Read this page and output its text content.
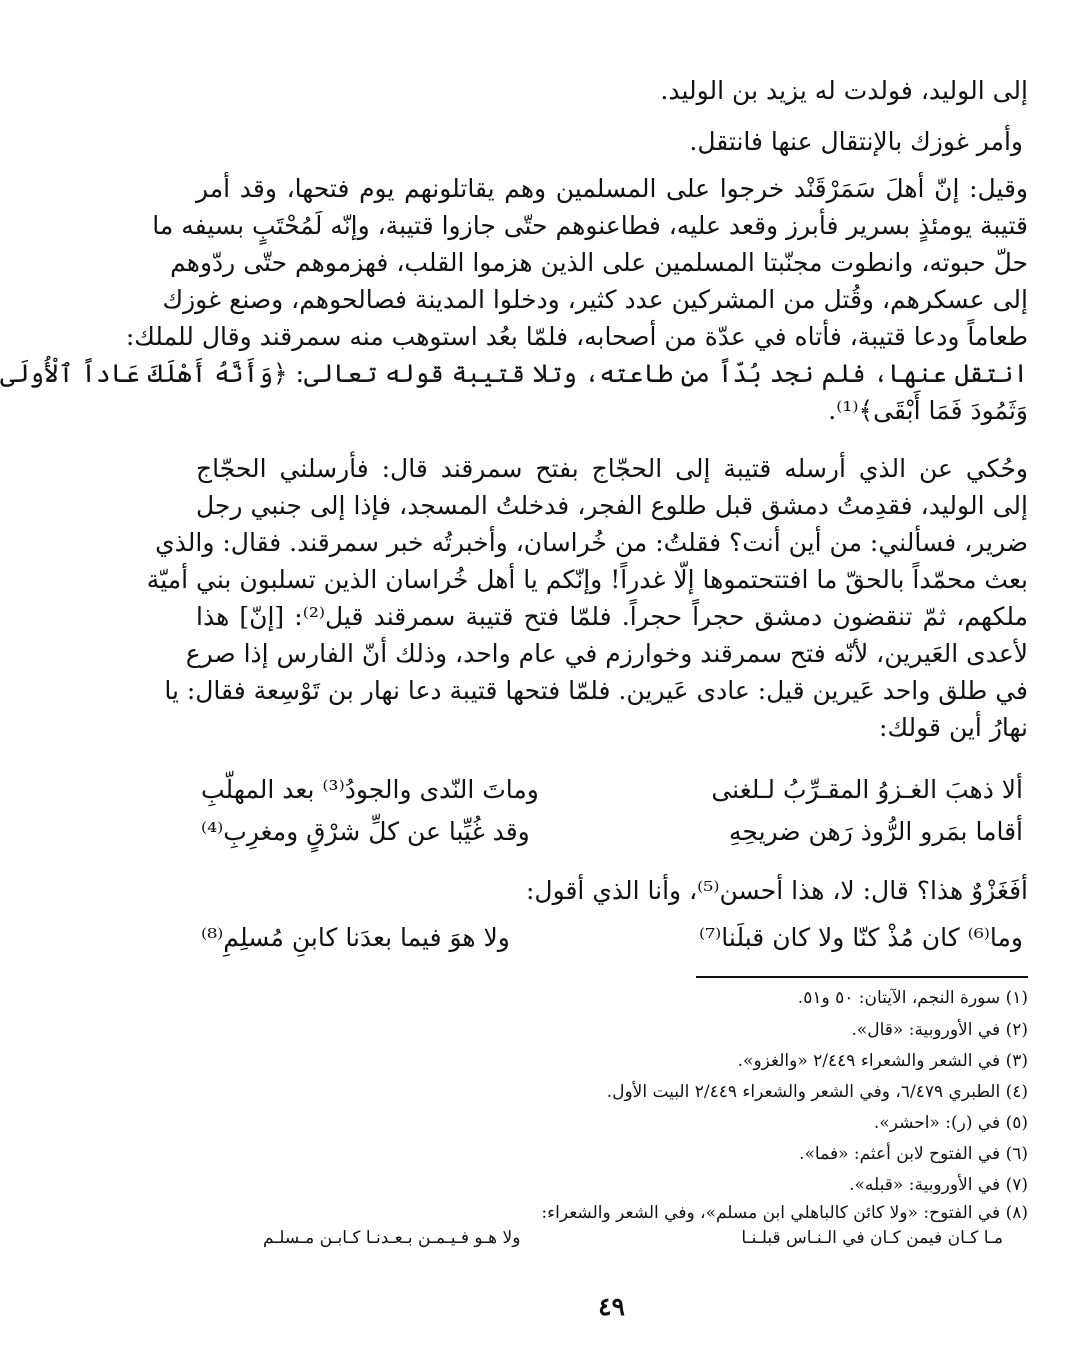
إلى الوليد، فولدت له يزيد بن الوليد.
وأمر غوزك بالإنتقال عنها فانتقل.
وقيل: إنّ أهلَ سَمَرْقَنْد خرجوا على المسلمين وهم يقاتلونهم يوم فتحها، وقد أمر
قتيبة يومئذٍ بسرير فأبرز وقعد عليه، فطاعنوهم حتّى جازوا قتيبة، وإنّه لَمُحْتَبٍ بسيفه ما
حلّ حبوته، وانطوت مجنّبتا المسلمين على الذين هزموا القلب، فهزموهم حتّى ردّوهم
إلى عسكرهم، وقُتل من المشركين عدد كثير، ودخلوا المدينة فصالحوهم، وصنع غوزك
طعاماً ودعا قتيبة، فأتاه في عدّة من أصحابه، فلمّا بعُد استوهب منه سمرقند وقال للملك:
انتقل عنها، فلم نجد بُدّاً من طاعته، وتلا قتيبة قوله تعالى: ﴿وَأَنَّهُ أَهْلَكَ عَاداً ٱلْأُولَى
وَثَمُودَ فَمَا أَبْقَى﴾⁽¹⁾.
وحُكي عن الذي أرسله قتيبة إلى الحجّاج بفتح سمرقند قال: فأرسلني الحجّاج
إلى الوليد، فقدِمتُ دمشق قبل طلوع الفجر، فدخلتُ المسجد، فإذا إلى جنبي رجل
ضرير، فسألني: من أين أنت؟ فقلتُ: من خُراسان، وأخبرتُه خبر سمرقند. فقال: والذي
بعث محمّداً بالحقّ ما افتتحتموها إلّا غدراً! وإنّكم يا أهل خُراسان الذين تسلبون بني أميّة
ملكهم، ثمّ تنقضون دمشق حجراً حجراً. فلمّا فتح قتيبة سمرقند قيل⁽²⁾: [إنّ] هذا
لأعدى العَيرين، لأنّه فتح سمرقند وخوارزم في عام واحد، وذلك أنّ الفارس إذا صرع
في طلق واحد عَيرين قيل: عادى عَيرين. فلمّا فتحها قتيبة دعا نهار بن تَوْسِعة فقال: يا
نهارُ أين قولك:
ألا ذهبَ الغـزوُ المقـرِّبُ لـلغنى
وماتَ النّدى والجودُ⁽³⁾ بعد المهلّبِ
أقاما بمَرو الرُّوذ رَهن ضريحِهِ
وقد غُيِّبا عن كلِّ شرْقٍ ومغرِبِ⁽⁴⁾
أفَغَزْوٌ هذا؟ قال: لا، هذا أحسن⁽⁵⁾، وأنا الذي أقول:
وما⁽⁶⁾ كان مُذْ كنّا ولا كان قبلَنا⁽⁷⁾
ولا هوَ فيما بعدَنا كابنِ مُسلِمِ⁽⁸⁾
(١) سورة النجم، الآيتان: ٥٠ و٥١.
(٢) في الأوروبية: «قال».
(٣) في الشعر والشعراء ٢/٤٤٩ «والغزو».
(٤) الطبري ٦/٤٧٩، وفي الشعر والشعراء ٢/٤٤٩ البيت الأول.
(٥) في (ر): «احشر».
(٦) في الفتوح لابن أعثم: «فما».
(٧) في الأوروبية: «قبله».
(٨) في الفتوح: «ولا كائن كالباهلي ابن مسلم»، وفي الشعر والشعراء:
مـا كـان فيمن كـان في الـنـاس قبلـنـا
ولا هـو فـيـمـن بـعـدنـا كـابـن مـسلـم
٤٩
